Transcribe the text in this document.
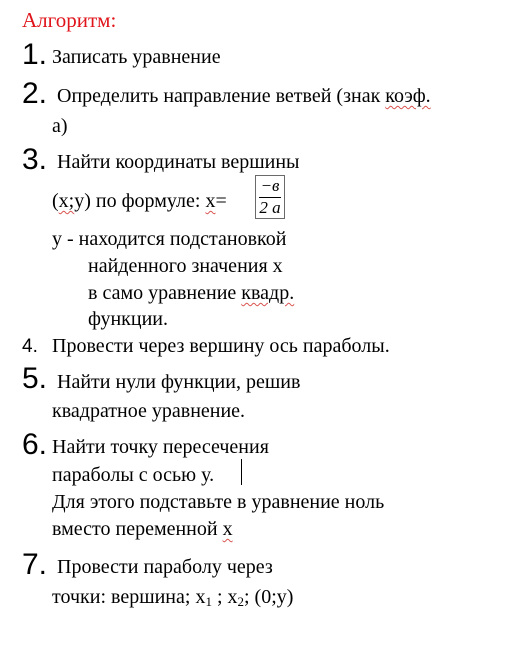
Алгоритм:
1. Записать уравнение
2. Определить направление ветвей (знак коэф.
а)
3. Найти координаты вершины
(х;у) по формуле: х=
−в
2 а
у - находится подстановкой
найденного значения х
в само уравнение квадр.
функции.
4. Провести через вершину ось параболы.
5. Найти нули функции, решив
квадратное уравнение.
6. Найти точку пересечения
параболы с осью у.
Для этого подставьте в уравнение ноль
вместо переменной х
7. Провести параболу через
точки: вершина; $х_1$ ; $х_2$; (0;у)
